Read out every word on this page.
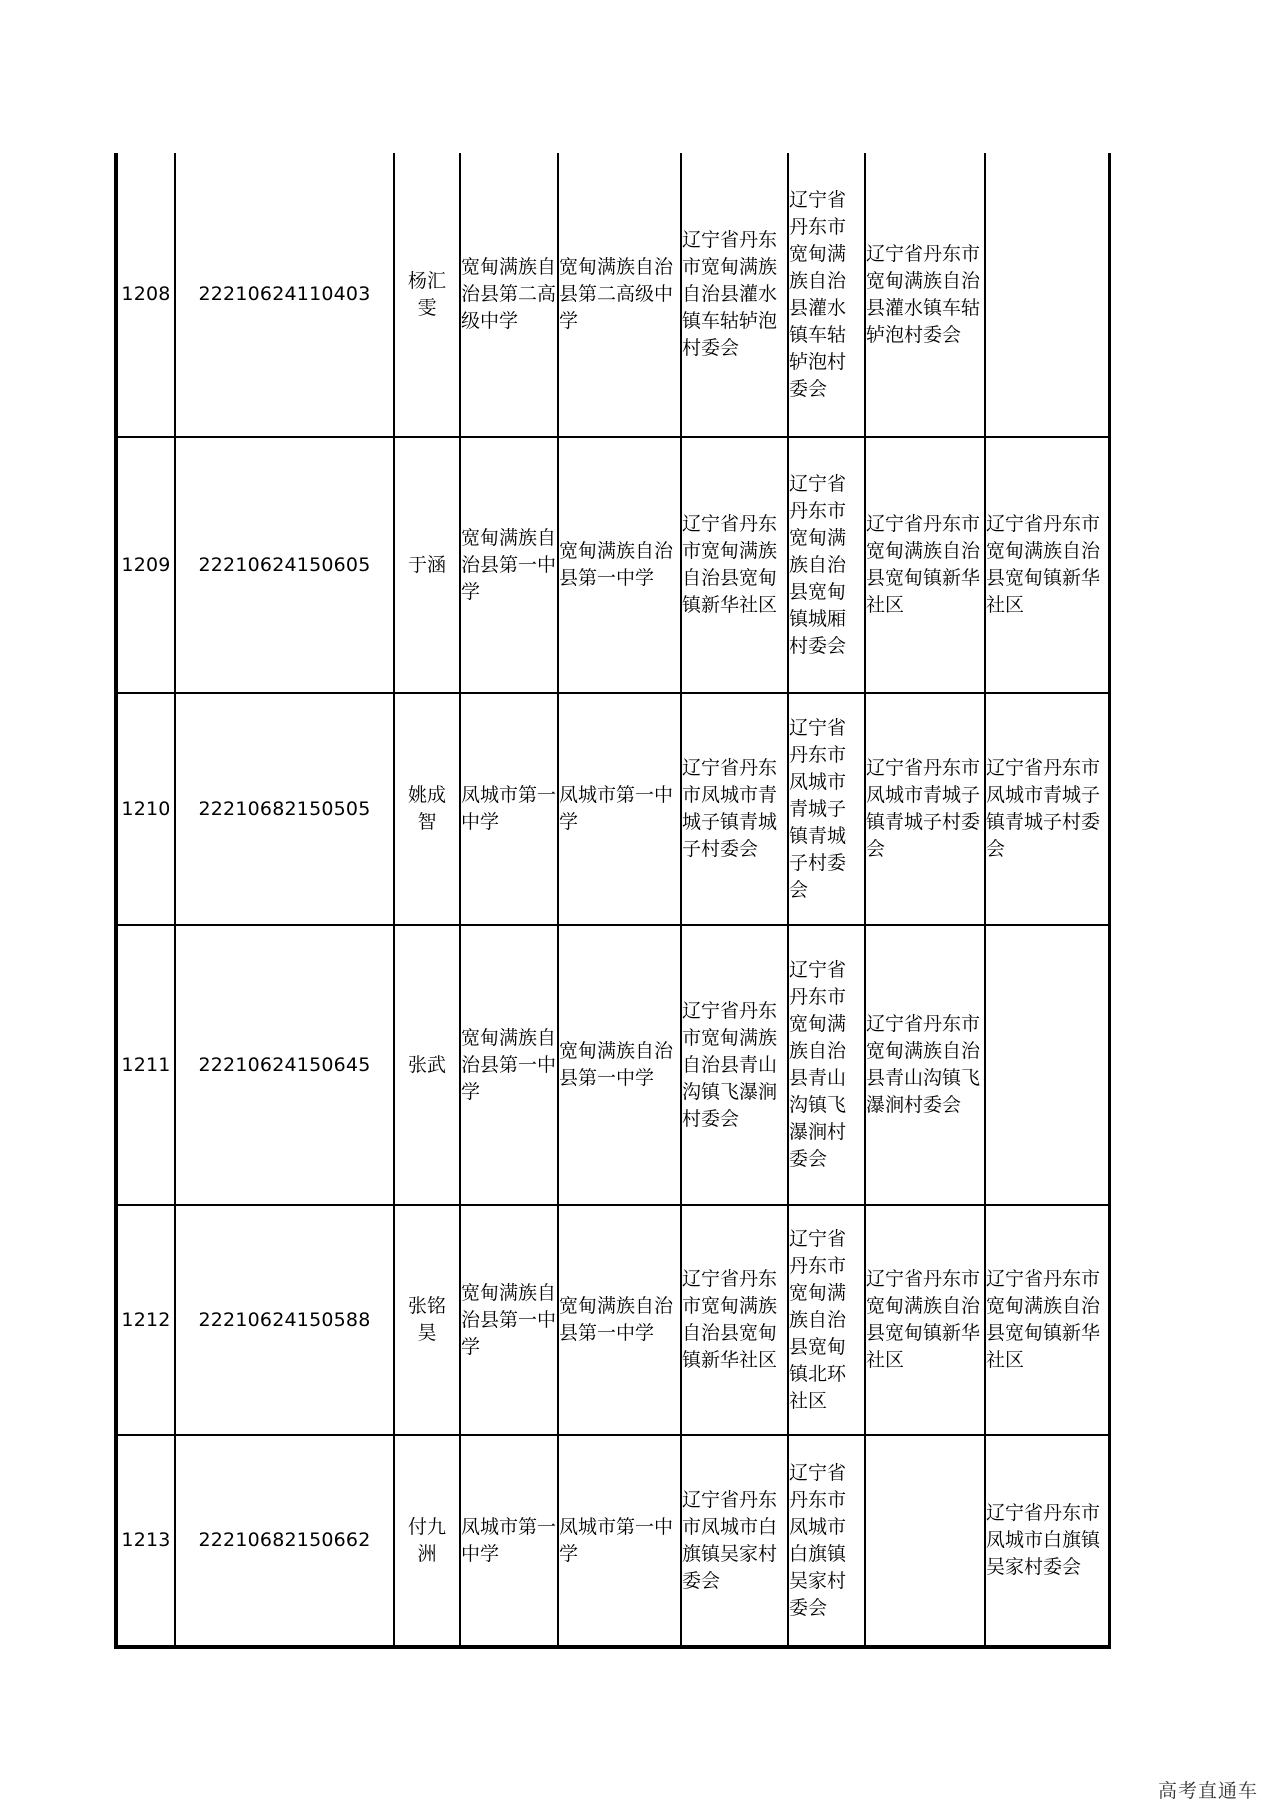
1208	22210624110403	杨汇雯	宽甸满族自治县第二高级中学	宽甸满族自治县第二高级中学	辽宁省丹东市宽甸满族自治县灌水镇车轱轳泡村委会	辽宁省丹东市宽甸满族自治县灌水镇车轱轳泡村委会	辽宁省丹东市宽甸满族自治县灌水镇车轱轳泡村委会	
1209	22210624150605	于涵	宽甸满族自治县第一中学	宽甸满族自治县第一中学	辽宁省丹东市宽甸满族自治县宽甸镇新华社区	辽宁省丹东市宽甸满族自治县宽甸镇城厢村委会	辽宁省丹东市宽甸满族自治县宽甸镇新华社区	辽宁省丹东市宽甸满族自治县宽甸镇新华社区
1210	22210682150505	姚成智	凤城市第一中学	凤城市第一中学	辽宁省丹东市凤城市青城子镇青城子村委会	辽宁省丹东市凤城市青城子镇青城子村委会	辽宁省丹东市凤城市青城子镇青城子村委会	辽宁省丹东市凤城市青城子镇青城子村委会
1211	22210624150645	张武	宽甸满族自治县第一中学	宽甸满族自治县第一中学	辽宁省丹东市宽甸满族自治县青山沟镇飞瀑涧村委会	辽宁省丹东市宽甸满族自治县青山沟镇飞瀑涧村委会	辽宁省丹东市宽甸满族自治县青山沟镇飞瀑涧村委会	
1212	22210624150588	张铭昊	宽甸满族自治县第一中学	宽甸满族自治县第一中学	辽宁省丹东市宽甸满族自治县宽甸镇新华社区	辽宁省丹东市宽甸满族自治县宽甸镇北环社区	辽宁省丹东市宽甸满族自治县宽甸镇新华社区	辽宁省丹东市宽甸满族自治县宽甸镇新华社区
1213	22210682150662	付九洲	凤城市第一中学	凤城市第一中学	辽宁省丹东市凤城市白旗镇吴家村委会	辽宁省丹东市凤城市白旗镇吴家村委会		辽宁省丹东市凤城市白旗镇吴家村委会
高考直通车
